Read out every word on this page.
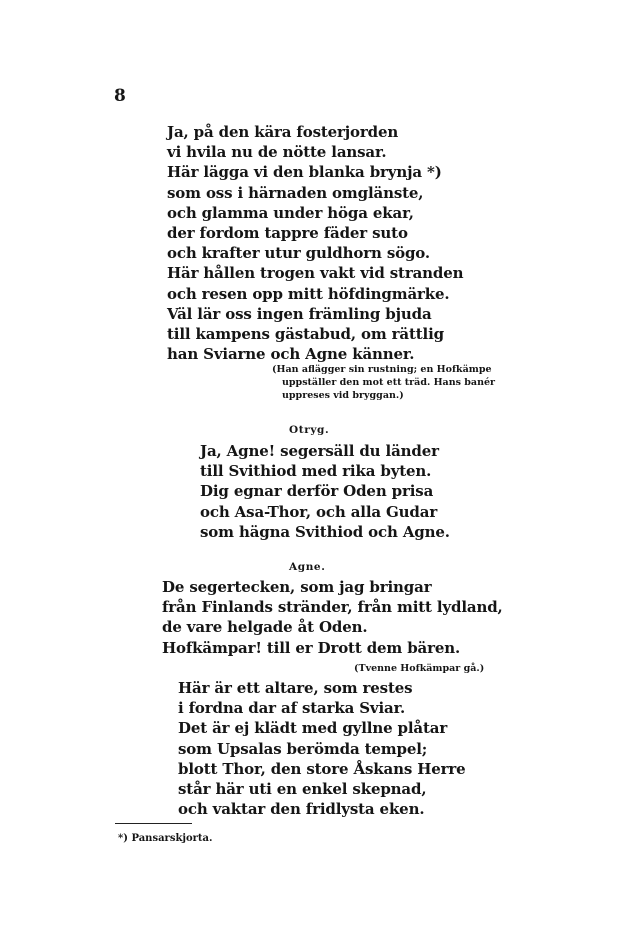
8
Ja, på den kära fosterjorden
vi hvila nu de nötte lansar.
Här lägga vi den blanka brynja *)
som oss i härnaden omglänste,
och glamma under höga ekar,
der fordom tappre fäder suto
och krafter utur guldhorn sögo.
Här hållen trogen vakt vid stranden
och resen opp mitt höfdingmärke.
Väl lär oss ingen främling bjuda
till kampens gästabud, om rättlig
han Sviarne och Agne känner.
(Han aflägger sin rustning; en Hofkämpe
uppställer den mot ett träd. Hans banér
uppreses vid bryggan.)
Otryg.
Ja, Agne! segersäll du länder
till Svithiod med rika byten.
Dig egnar derför Oden prisa
och Asa-Thor, och alla Gudar
som hägna Svithiod och Agne.
Agne.
De segertecken, som jag bringar
från Finlands stränder, från mitt lydland,
de vare helgade åt Oden.
Hofkämpar! till er Drott dem bären.
(Tvenne Hofkämpar gå.)
Här är ett altare, som restes
i fordna dar af starka Sviar.
Det är ej klädt med gyllne plåtar
som Upsalas berömda tempel;
blott Thor, den store Åskans Herre
står här uti en enkel skepnad,
och vaktar den fridlysta eken.
*) Pansarskjorta.
